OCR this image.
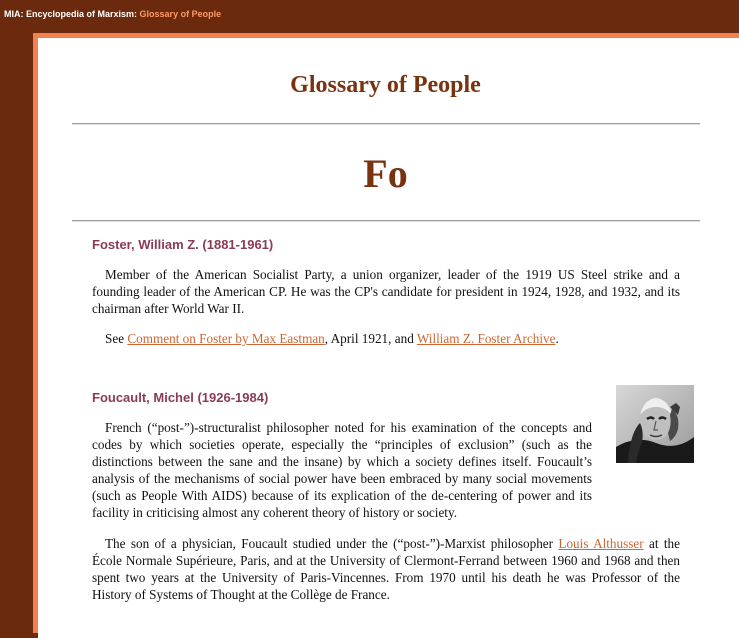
MIA: Encyclopedia of Marxism: Glossary of People
Glossary of People
Fo
Foster, William Z. (1881-1961)

Member of the American Socialist Party, a union organizer, leader of the 1919 US Steel strike and a founding leader of the American CP. He was the CP's candidate for president in 1924, 1928, and 1932, and its chairman after World War II.

See Comment on Foster by Max Eastman, April 1921, and William Z. Foster Archive.

Foucault, Michel (1926-1984)

French (“post-”)-structuralist philosopher noted for his examination of the concepts and codes by which societies operate, especially the “principles of exclusion” (such as the distinctions between the sane and the insane) by which a society defines itself. Foucault’s analysis of the mechanisms of social power have been embraced by many social movements (such as People With AIDS) because of its explication of the de-centering of power and its facility in criticising almost any coherent theory of history or society.

The son of a physician, Foucault studied under the (“post-”)-Marxist philosopher Louis Althusser at the École Normale Supérieure, Paris, and at the University of Clermont-Ferrand between 1960 and 1968 and then spent two years at the University of Paris-Vincennes. From 1970 until his death he was Professor of the History of Systems of Thought at the Collège de France.
